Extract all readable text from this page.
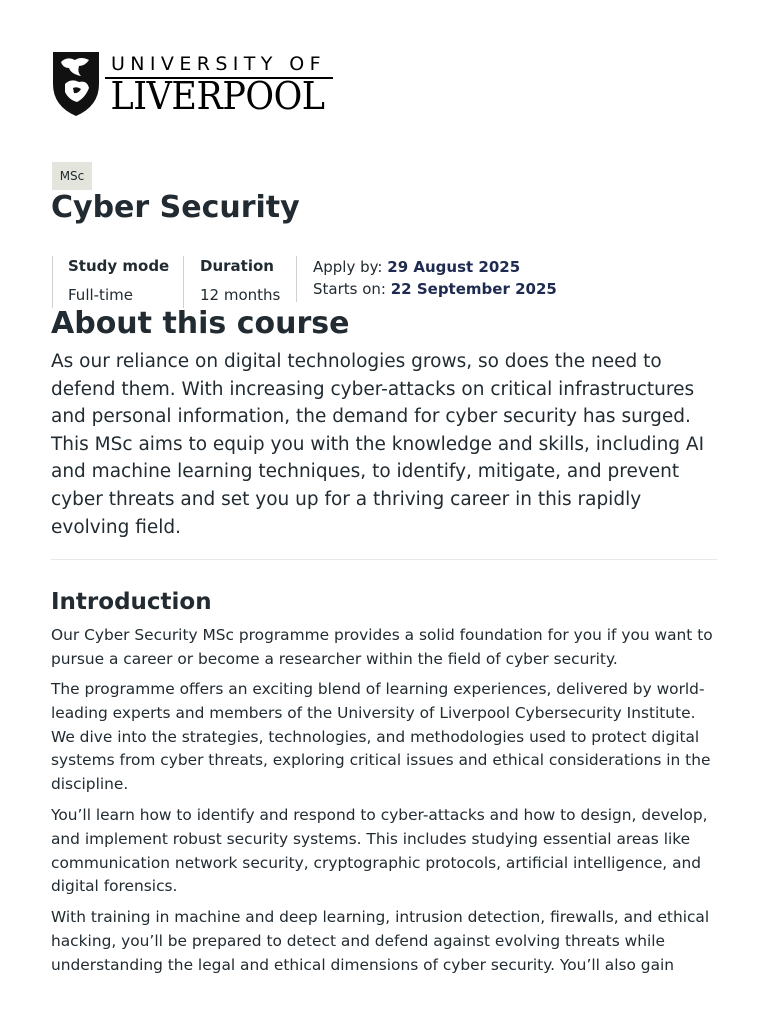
UNIVERSITY OF
LIVERPOOL
MSc
Cyber Security
Study mode
Full-time
Duration
12 months
Apply by: 29 August 2025
Starts on: 22 September 2025
About this course

As our reliance on digital technologies grows, so does the need to defend them. With increasing cyber-attacks on critical infrastructures and personal information, the demand for cyber security has surged. This MSc aims to equip you with the knowledge and skills, including AI and machine learning techniques, to identify, mitigate, and prevent cyber threats and set you up for a thriving career in this rapidly evolving field.

Introduction

Our Cyber Security MSc programme provides a solid foundation for you if you want to pursue a career or become a researcher within the field of cyber security.

The programme offers an exciting blend of learning experiences, delivered by world-leading experts and members of the University of Liverpool Cybersecurity Institute. We dive into the strategies, technologies, and methodologies used to protect digital systems from cyber threats, exploring critical issues and ethical considerations in the discipline.

You’ll learn how to identify and respond to cyber-attacks and how to design, develop, and implement robust security systems. This includes studying essential areas like communication network security, cryptographic protocols, artificial intelligence, and digital forensics.

With training in machine and deep learning, intrusion detection, firewalls, and ethical hacking, you’ll be prepared to detect and defend against evolving threats while understanding the legal and ethical dimensions of cyber security. You’ll also gain
